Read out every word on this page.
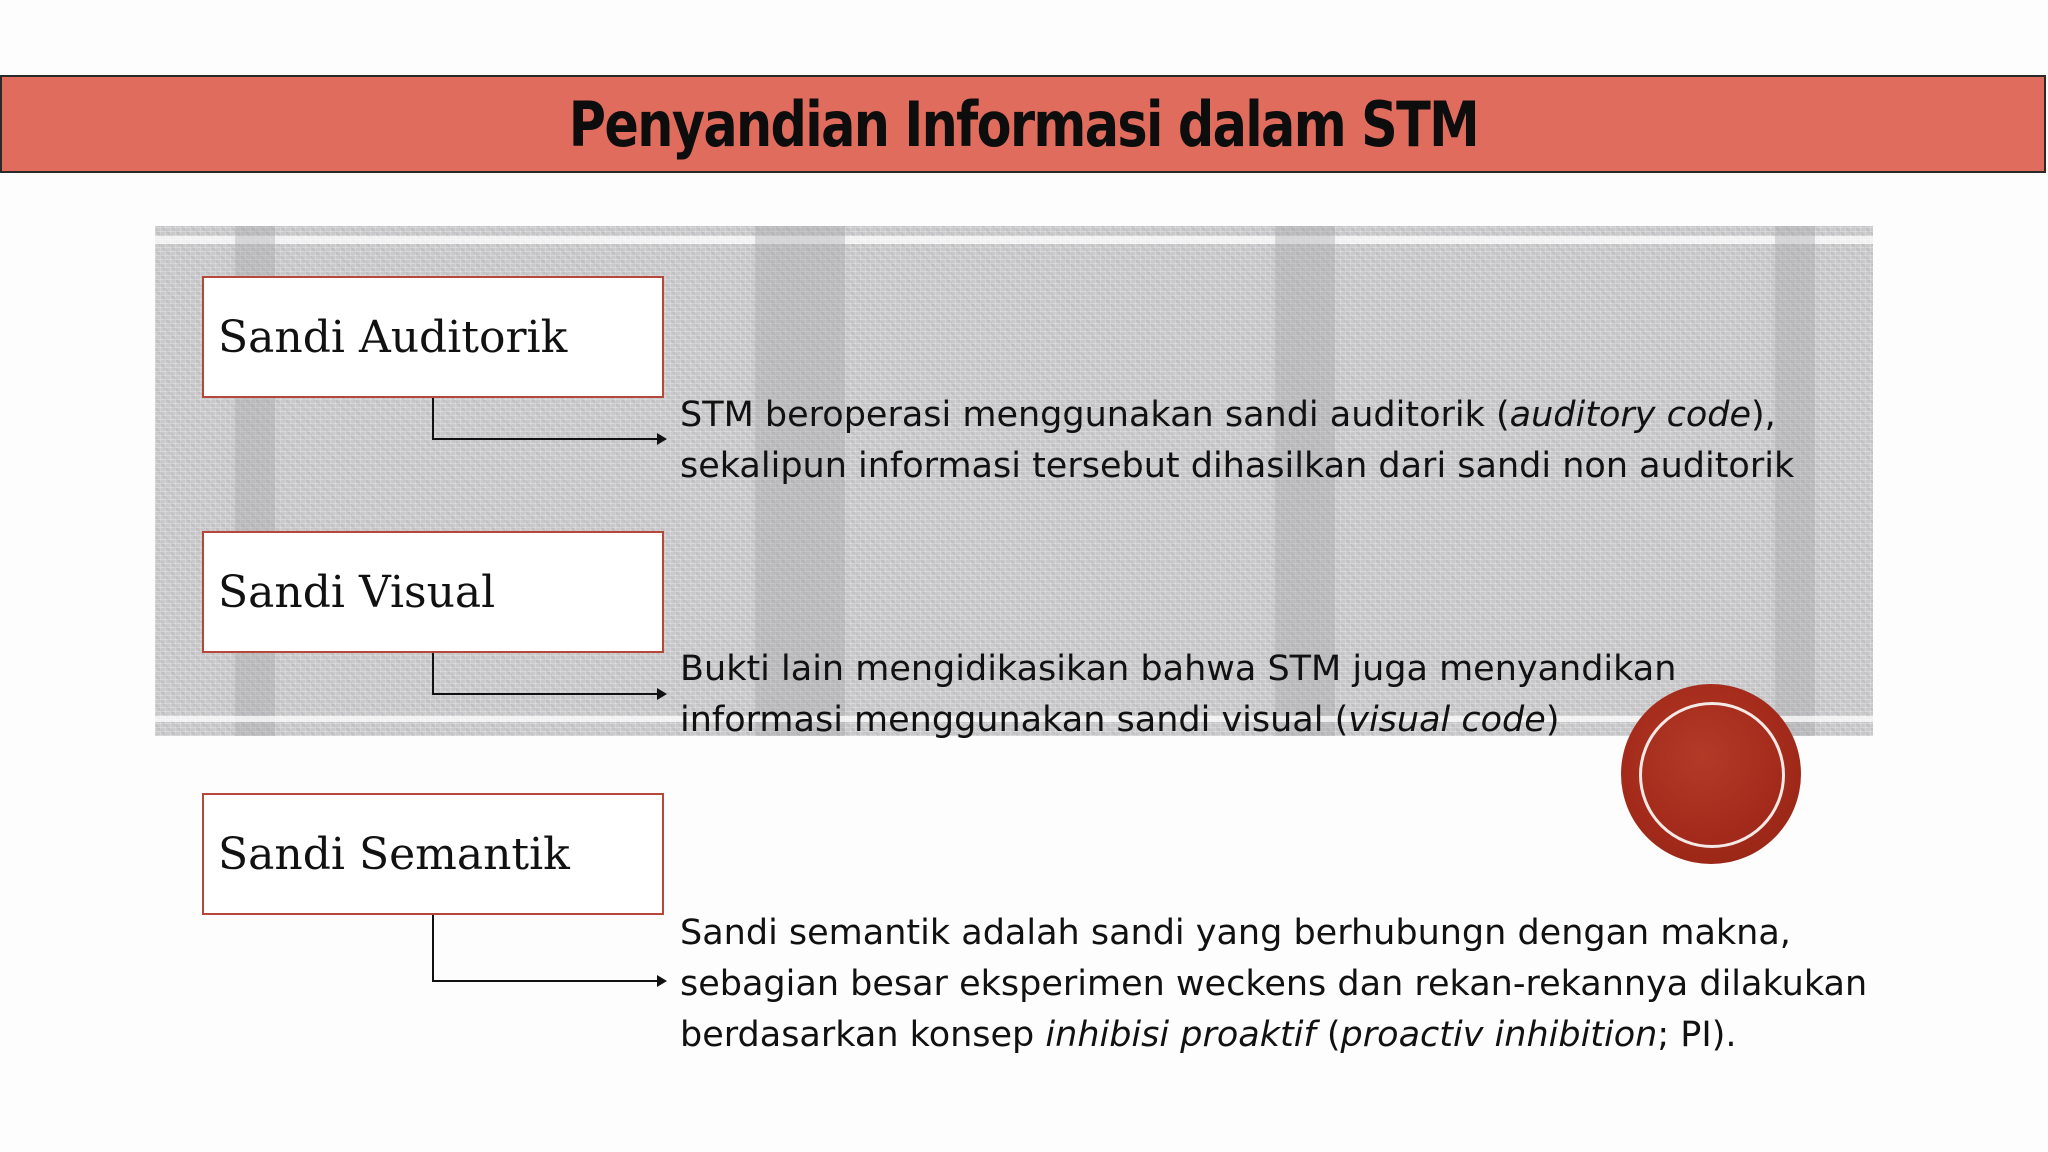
Penyandian Informasi dalam STM
Sandi Auditorik

STM beroperasi menggunakan sandi auditorik (auditory code),

sekalipun informasi tersebut dihasilkan dari sandi non auditorik

Sandi Visual

Bukti lain mengidikasikan bahwa STM juga menyandikan

informasi menggunakan sandi visual (visual code)

Sandi Semantik

Sandi semantik adalah sandi yang berhubungn dengan makna,

sebagian besar eksperimen weckens dan rekan-rekannya dilakukan

berdasarkan konsep inhibisi proaktif (proactiv inhibition; PI).
